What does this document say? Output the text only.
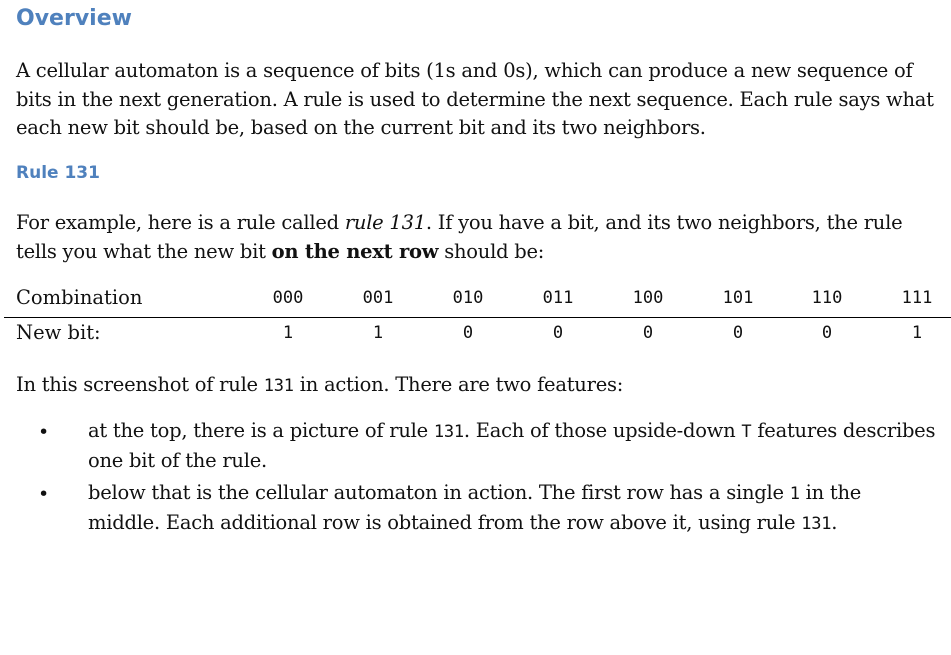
Overview

A cellular automaton is a sequence of bits (1s and 0s), which can produce a new sequence of bits in the next generation. A rule is used to determine the next sequence. Each rule says what each new bit should be, based on the current bit and its two neighbors.

Rule 131

For example, here is a rule called rule 131. If you have a bit, and its two neighbors, the rule tells you what the new bit on the next row should be:

Combination	000	001	010	011	100	101	110	111
New bit:	1	1	0	0	0	0	0	1

In this screenshot of rule 131 in action. There are two features:

• at the top, there is a picture of rule 131. Each of those upside-down T features describes one bit of the rule.
• below that is the cellular automaton in action. The first row has a single 1 in the middle. Each additional row is obtained from the row above it, using rule 131.
